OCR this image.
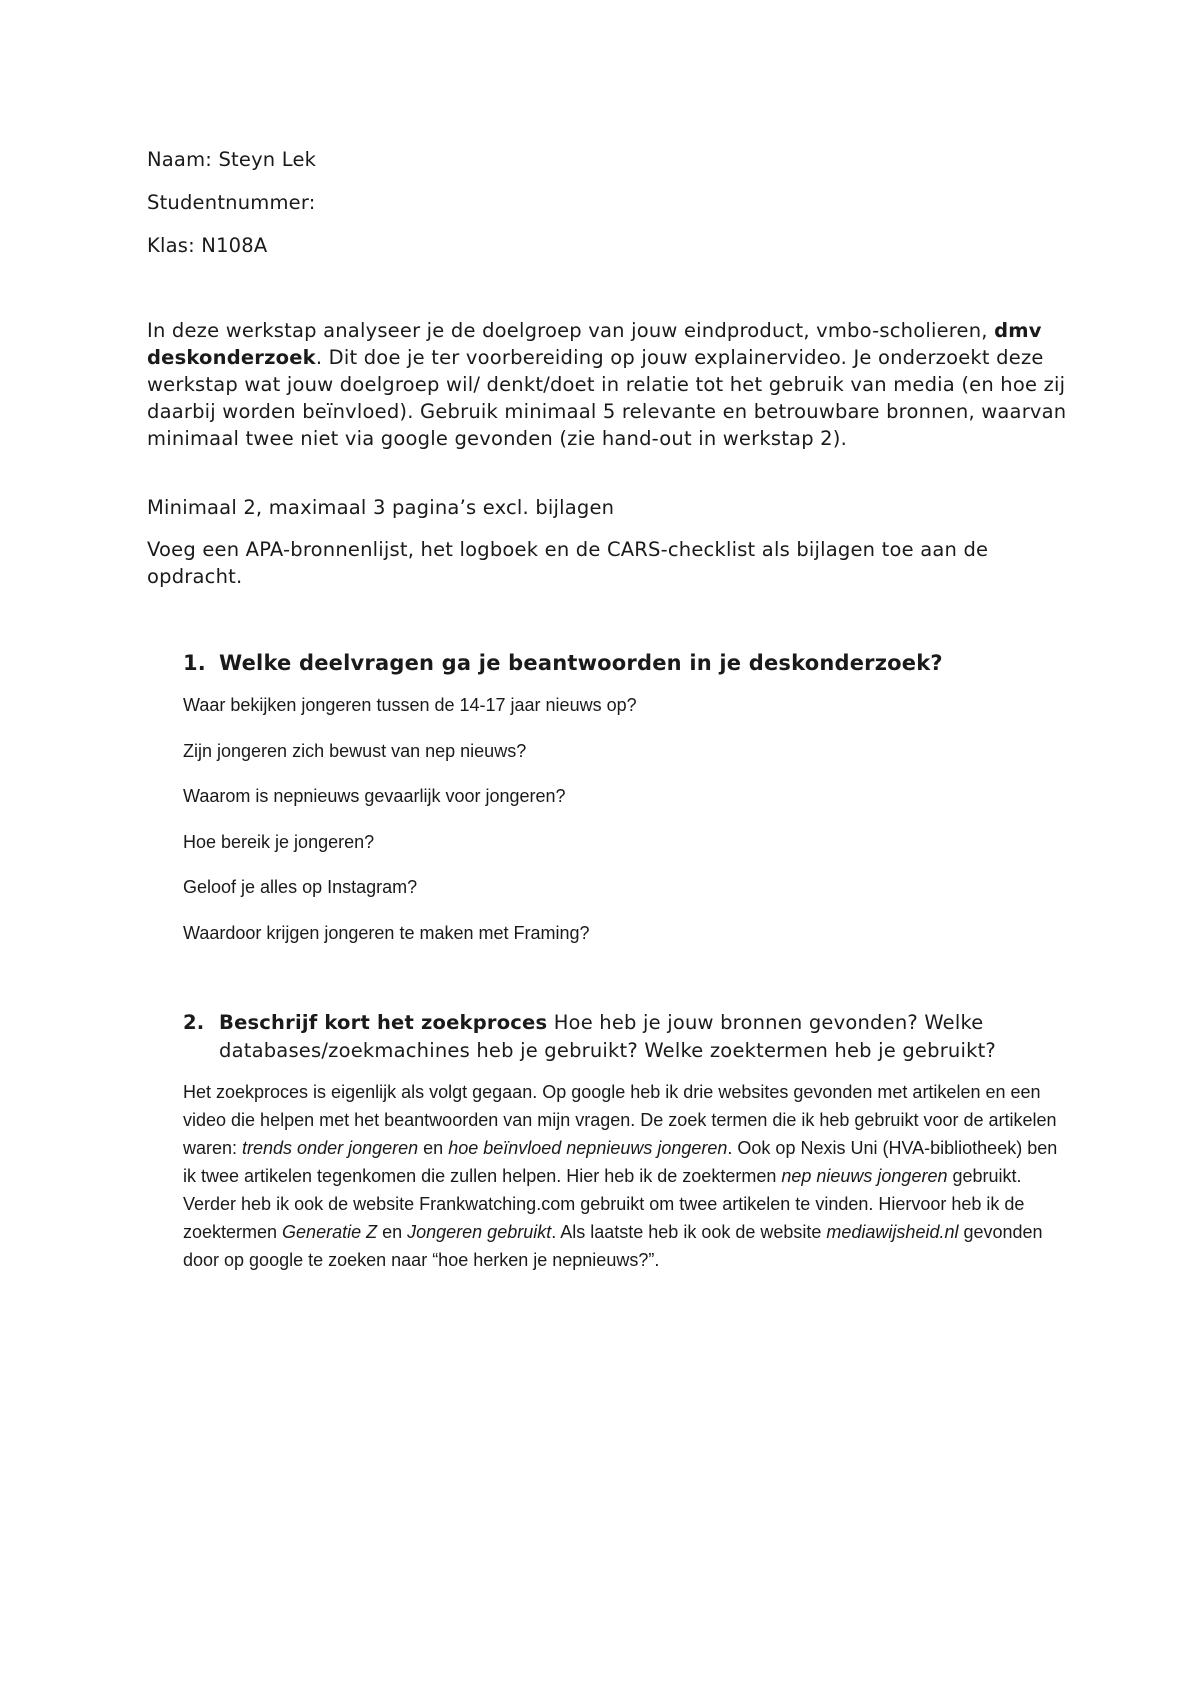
Naam: Steyn Lek

Studentnummer:

Klas: N108A

In deze werkstap analyseer je de doelgroep van jouw eindproduct, vmbo-scholieren, dmv deskonderzoek. Dit doe je ter voorbereiding op jouw explainervideo. Je onderzoekt deze werkstap wat jouw doelgroep wil/ denkt/doet in relatie tot het gebruik van media (en hoe zij daarbij worden beïnvloed). Gebruik minimaal 5 relevante en betrouwbare bronnen, waarvan minimaal twee niet via google gevonden (zie hand-out in werkstap 2).

Minimaal 2, maximaal 3 pagina’s excl. bijlagen

Voeg een APA-bronnenlijst, het logboek en de CARS-checklist als bijlagen toe aan de opdracht.

1. Welke deelvragen ga je beantwoorden in je deskonderzoek?

Waar bekijken jongeren tussen de 14-17 jaar nieuws op?

Zijn jongeren zich bewust van nep nieuws?

Waarom is nepnieuws gevaarlijk voor jongeren?

Hoe bereik je jongeren?

Geloof je alles op Instagram?

Waardoor krijgen jongeren te maken met Framing?

2. Beschrijf kort het zoekproces Hoe heb je jouw bronnen gevonden? Welke databases/zoekmachines heb je gebruikt? Welke zoektermen heb je gebruikt?

Het zoekproces is eigenlijk als volgt gegaan. Op google heb ik drie websites gevonden met artikelen en een video die helpen met het beantwoorden van mijn vragen. De zoek termen die ik heb gebruikt voor de artikelen waren: trends onder jongeren en hoe beïnvloed nepnieuws jongeren. Ook op Nexis Uni (HVA-bibliotheek) ben ik twee artikelen tegenkomen die zullen helpen. Hier heb ik de zoektermen nep nieuws jongeren gebruikt. Verder heb ik ook de website Frankwatching.com gebruikt om twee artikelen te vinden. Hiervoor heb ik de zoektermen Generatie Z en Jongeren gebruikt. Als laatste heb ik ook de website mediawijsheid.nl gevonden door op google te zoeken naar “hoe herken je nepnieuws?”.
